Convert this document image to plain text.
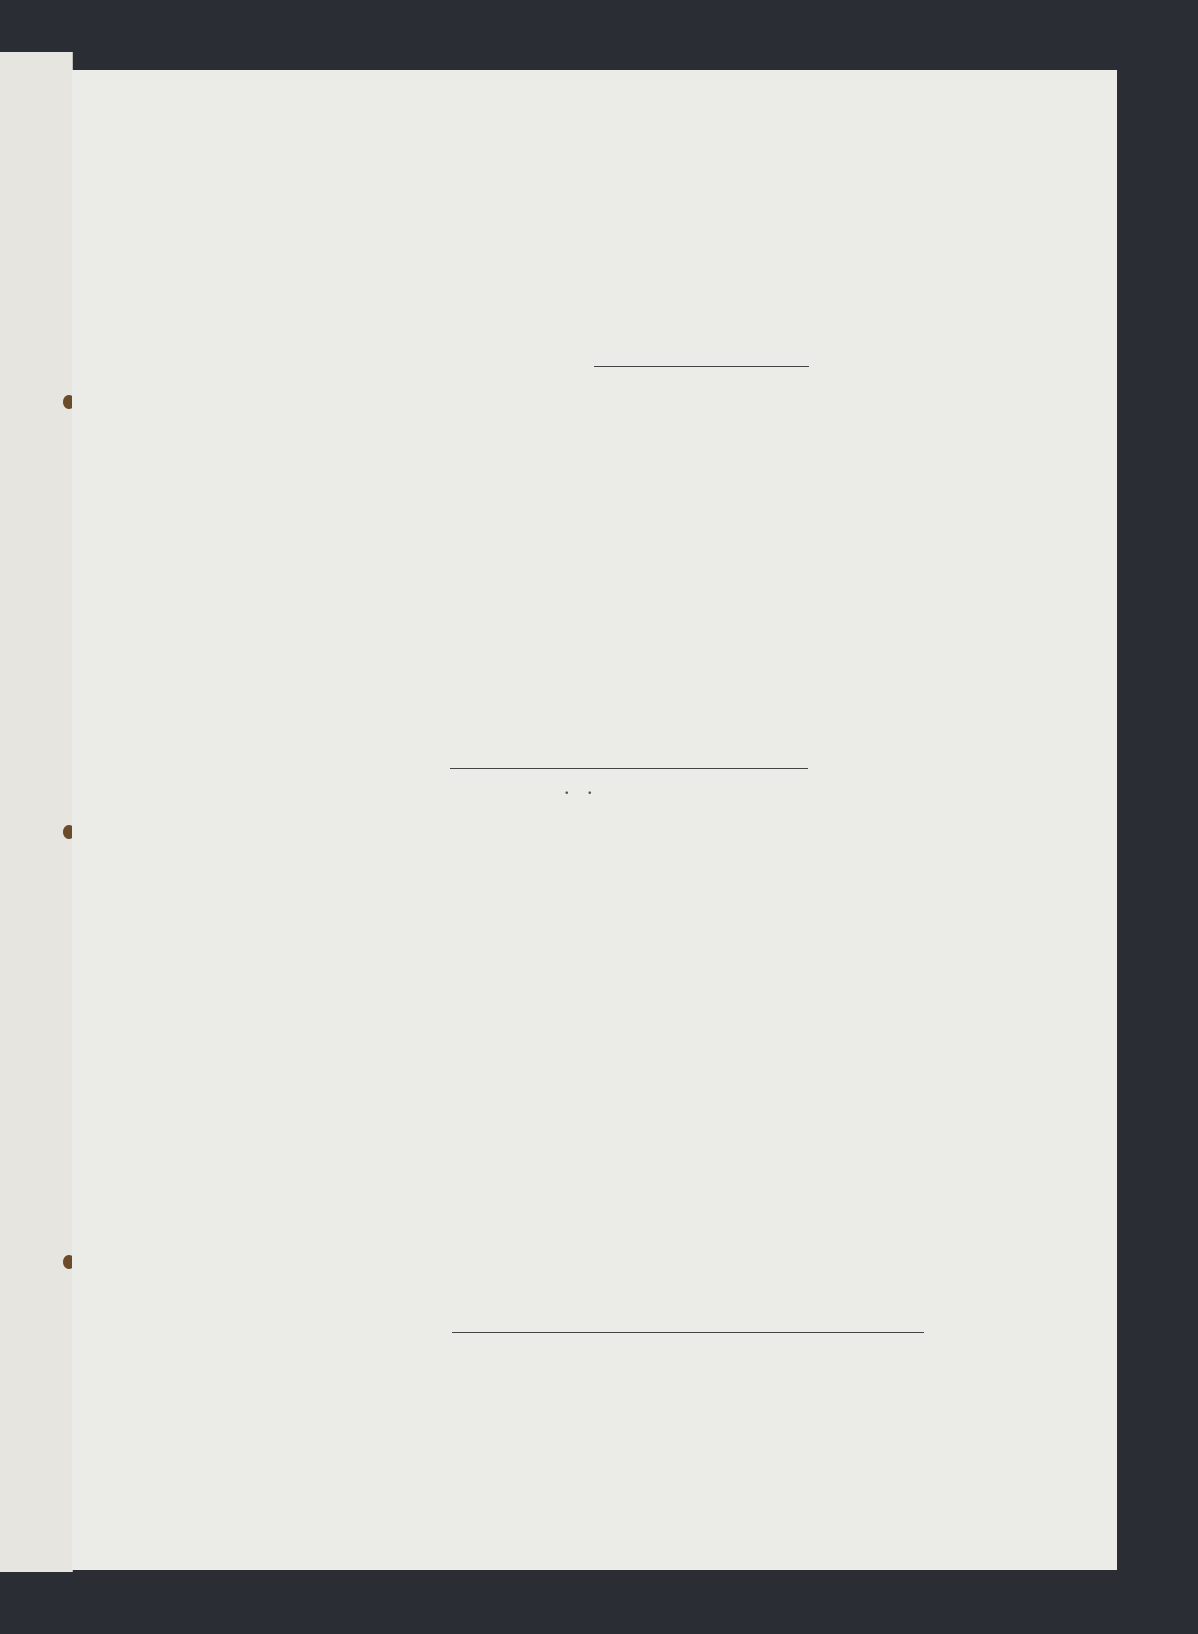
. .
